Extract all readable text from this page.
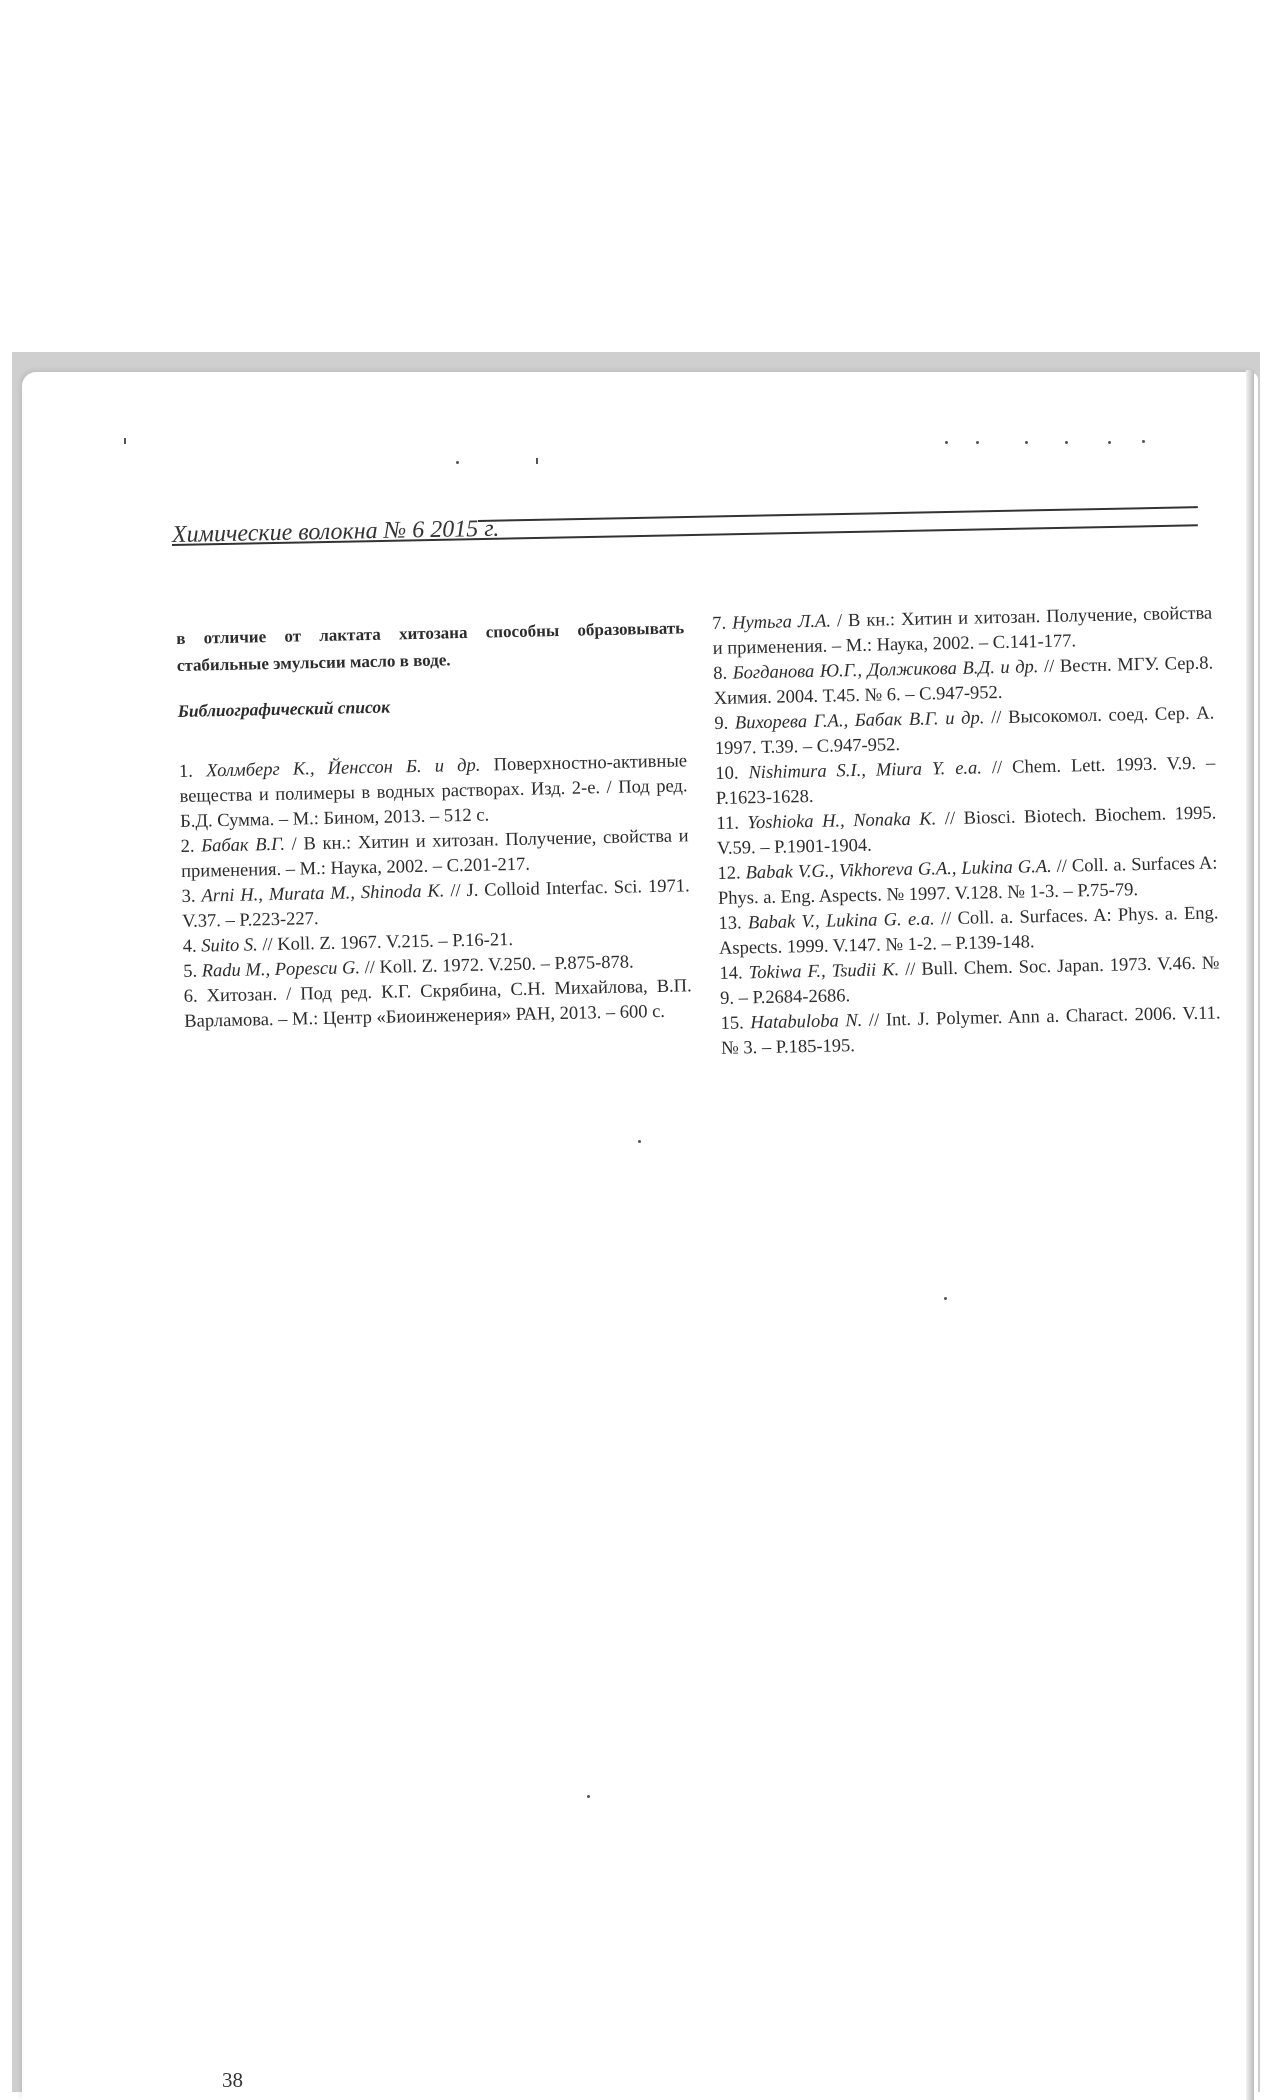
Химические волокна № 6 2015 г.
в отличие от лактата хитозана способны образовывать стабильные эмульсии масло в воде.
Библиографический список

1. Холмберг К., Йенссон Б. и др. Поверхностно-активные вещества и полимеры в водных растворах. Изд. 2-е. / Под ред. Б.Д. Сумма. – М.: Бином, 2013. – 512 с.

2. Бабак В.Г. / В кн.: Хитин и хитозан. Получение, свойства и применения. – М.: Наука, 2002. – С.201-217.

3. Arni H., Murata M., Shinoda K. // J. Colloid Interfac. Sci. 1971. V.37. – P.223-227.

4. Suito S. // Koll. Z. 1967. V.215. – P.16-21.

5. Radu M., Popescu G. // Koll. Z. 1972. V.250. – P.875-878.

6. Хитозан. / Под ред. К.Г. Скрябина, С.Н. Михайлова, В.П. Варламова. – М.: Центр «Биоинженерия» РАН, 2013. – 600 с.

7. Нутьга Л.А. / В кн.: Хитин и хитозан. Получение, свойства и применения. – М.: Наука, 2002. – С.141-177.

8. Богданова Ю.Г., Должикова В.Д. и др. // Вестн. МГУ. Сер.8. Химия. 2004. Т.45. № 6. – С.947-952.

9. Вихорева Г.А., Бабак В.Г. и др. // Высокомол. соед. Сер. А. 1997. Т.39. – С.947-952.

10. Nishimura S.I., Miura Y. e.a. // Chem. Lett. 1993. V.9. – P.1623-1628.

11. Yoshioka H., Nonaka K. // Biosci. Biotech. Biochem. 1995. V.59. – P.1901-1904.

12. Babak V.G., Vikhoreva G.A., Lukina G.A. // Coll. a. Surfaces A: Phys. a. Eng. Aspects. № 1997. V.128. № 1-3. – P.75-79.

13. Babak V., Lukina G. e.a. // Coll. a. Surfaces. A: Phys. a. Eng. Aspects. 1999. V.147. № 1-2. – P.139-148.

14. Tokiwa F., Tsudii K. // Bull. Chem. Soc. Japan. 1973. V.46. № 9. – P.2684-2686.

15. Hatabuloba N. // Int. J. Polymer. Ann a. Charact. 2006. V.11. № 3. – P.185-195.

38
